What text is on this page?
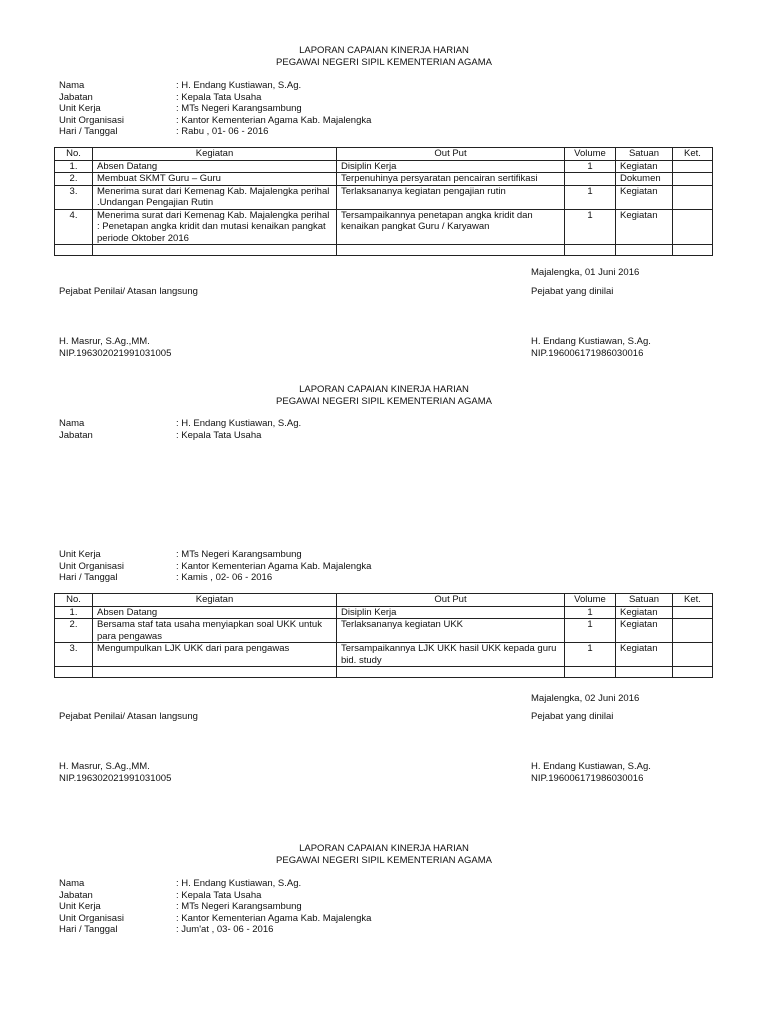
LAPORAN CAPAIAN KINERJA HARIAN
PEGAWAI NEGERI SIPIL KEMENTERIAN AGAMA
Nama	: H. Endang Kustiawan, S.Ag.
Jabatan	: Kepala Tata Usaha
Unit Kerja	: MTs Negeri Karangsambung
Unit Organisasi	: Kantor Kementerian Agama Kab. Majalengka
Hari / Tanggal	: Rabu , 01- 06 - 2016
No.	Kegiatan	Out Put	Volume	Satuan	Ket.
1.	Absen Datang	Disiplin Kerja	1	Kegiatan	
2.	Membuat SKMT Guru – Guru	Terpenuhinya persyaratan pencairan sertifikasi		Dokumen	
3.	Menerima surat dari Kemenag Kab. Majalengka perihal .Undangan Pengajian Rutin	Terlaksananya kegiatan pengajian rutin	1	Kegiatan	
4.	Menerima surat dari Kemenag Kab. Majalengka perihal : Penetapan angka kridit dan mutasi kenaikan pangkat periode Oktober 2016	Tersampaikannya penetapan angka kridit dan kenaikan pangkat Guru / Karyawan	1	Kegiatan	

Majalengka, 01 Juni 2016
Pejabat Penilai/ Atasan langsung	Pejabat yang dinilai
H. Masrur, S.Ag.,MM.
NIP.196302021991031005
H. Endang Kustiawan, S.Ag.
NIP.196006171986030016
LAPORAN CAPAIAN KINERJA HARIAN
PEGAWAI NEGERI SIPIL KEMENTERIAN AGAMA
Nama	: H. Endang Kustiawan, S.Ag.
Jabatan	: Kepala Tata Usaha
Unit Kerja	: MTs Negeri Karangsambung
Unit Organisasi	: Kantor Kementerian Agama Kab. Majalengka
Hari / Tanggal	: Kamis , 02- 06 - 2016
No.	Kegiatan	Out Put	Volume	Satuan	Ket.
1.	Absen Datang	Disiplin Kerja	1	Kegiatan	
2.	Bersama staf tata usaha menyiapkan soal UKK untuk para pengawas	Terlaksananya kegiatan UKK	1	Kegiatan	
3.	Mengumpulkan LJK UKK dari para pengawas	Tersampaikannya LJK UKK hasil UKK kepada guru bid. study	1	Kegiatan	

Majalengka, 02 Juni 2016
Pejabat Penilai/ Atasan langsung	Pejabat yang dinilai
H. Masrur, S.Ag.,MM.
NIP.196302021991031005
H. Endang Kustiawan, S.Ag.
NIP.196006171986030016
LAPORAN CAPAIAN KINERJA HARIAN
PEGAWAI NEGERI SIPIL KEMENTERIAN AGAMA
Nama	: H. Endang Kustiawan, S.Ag.
Jabatan	: Kepala Tata Usaha
Unit Kerja	: MTs Negeri Karangsambung
Unit Organisasi	: Kantor Kementerian Agama Kab. Majalengka
Hari / Tanggal	: Jum'at , 03- 06 - 2016
